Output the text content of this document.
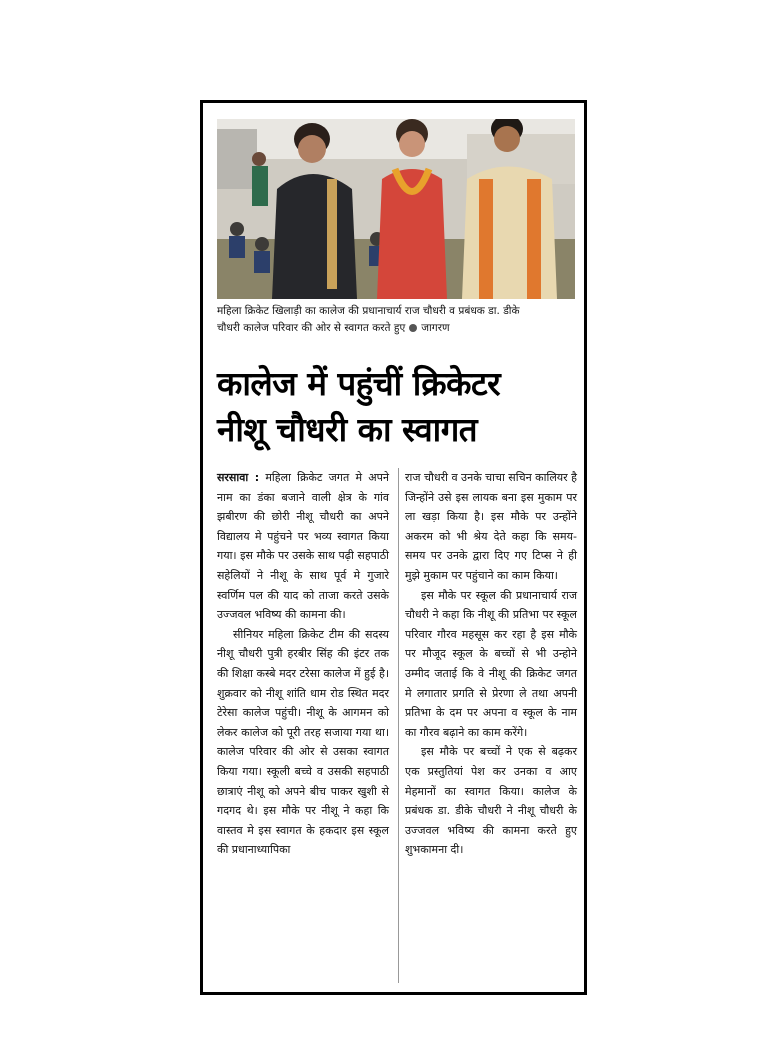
महिला क्रिकेट खिलाड़ी का कालेज की प्रधानाचार्य राज चौधरी व प्रबंधक डा. डीके
चौधरी कालेज परिवार की ओर से स्वागत करते हुए जागरण
कालेज में पहुंचीं क्रिकेटर
नीशू चौधरी का स्वागत

सरसावा : महिला क्रिकेट जगत मे अपने नाम का डंका बजाने वाली क्षेत्र के गांव झबीरण की छोरी नीशू चौधरी का अपने विद्यालय मे पहुंचने पर भव्य स्वागत किया गया। इस मौके पर उसके साथ पढ़ी सहपाठी सहेलियों ने नीशू के साथ पूर्व मे गुजारे स्वर्णिम पल की याद को ताजा करते उसके उज्जवल भविष्य की कामना की।

सीनियर महिला क्रिकेट टीम की सदस्य नीशू चौधरी पुत्री हरबीर सिंह की इंटर तक की शिक्षा कस्बे मदर टरेसा कालेज में हुई है। शुक्रवार को नीशू शांति धाम रोड स्थित मदर टेरेसा कालेज पहुंची। नीशू के आगमन को लेकर कालेज को पूरी तरह सजाया गया था। कालेज परिवार की ओर से उसका स्वागत किया गया। स्कूली बच्चे व उसकी सहपाठी छात्राएं नीशू को अपने बीच पाकर खुशी से गदगद थे। इस मौके पर नीशू ने कहा कि वास्तव मे इस स्वागत के हकदार इस स्कूल की प्रधानाध्यापिका

राज चौधरी व उनके चाचा सचिन कालियर है जिन्होंने उसे इस लायक बना इस मुकाम पर ला खड़ा किया है। इस मौके पर उन्होंने अकरम को भी श्रेय देते कहा कि समय-समय पर उनके द्वारा दिए गए टिप्स ने ही मुझे मुकाम पर पहुंचाने का काम किया।

इस मौके पर स्कूल की प्रधानाचार्य राज चौधरी ने कहा कि नीशू की प्रतिभा पर स्कूल परिवार गौरव महसूस कर रहा है इस मौके पर मौजूद स्कूल के बच्चों से भी उन्होने उम्मीद जताई कि वे नीशू की क्रिकेट जगत मे लगातार प्रगति से प्रेरणा ले तथा अपनी प्रतिभा के दम पर अपना व स्कूल के नाम का गौरव बढ़ाने का काम करेंगे।

इस मौके पर बच्चों ने एक से बढ़कर एक प्रस्तुतियां पेश कर उनका व आए मेहमानों का स्वागत किया। कालेज के प्रबंधक डा. डीके चौधरी ने नीशू चौधरी के उज्जवल भविष्य की कामना करते हुए शुभकामना दी।
